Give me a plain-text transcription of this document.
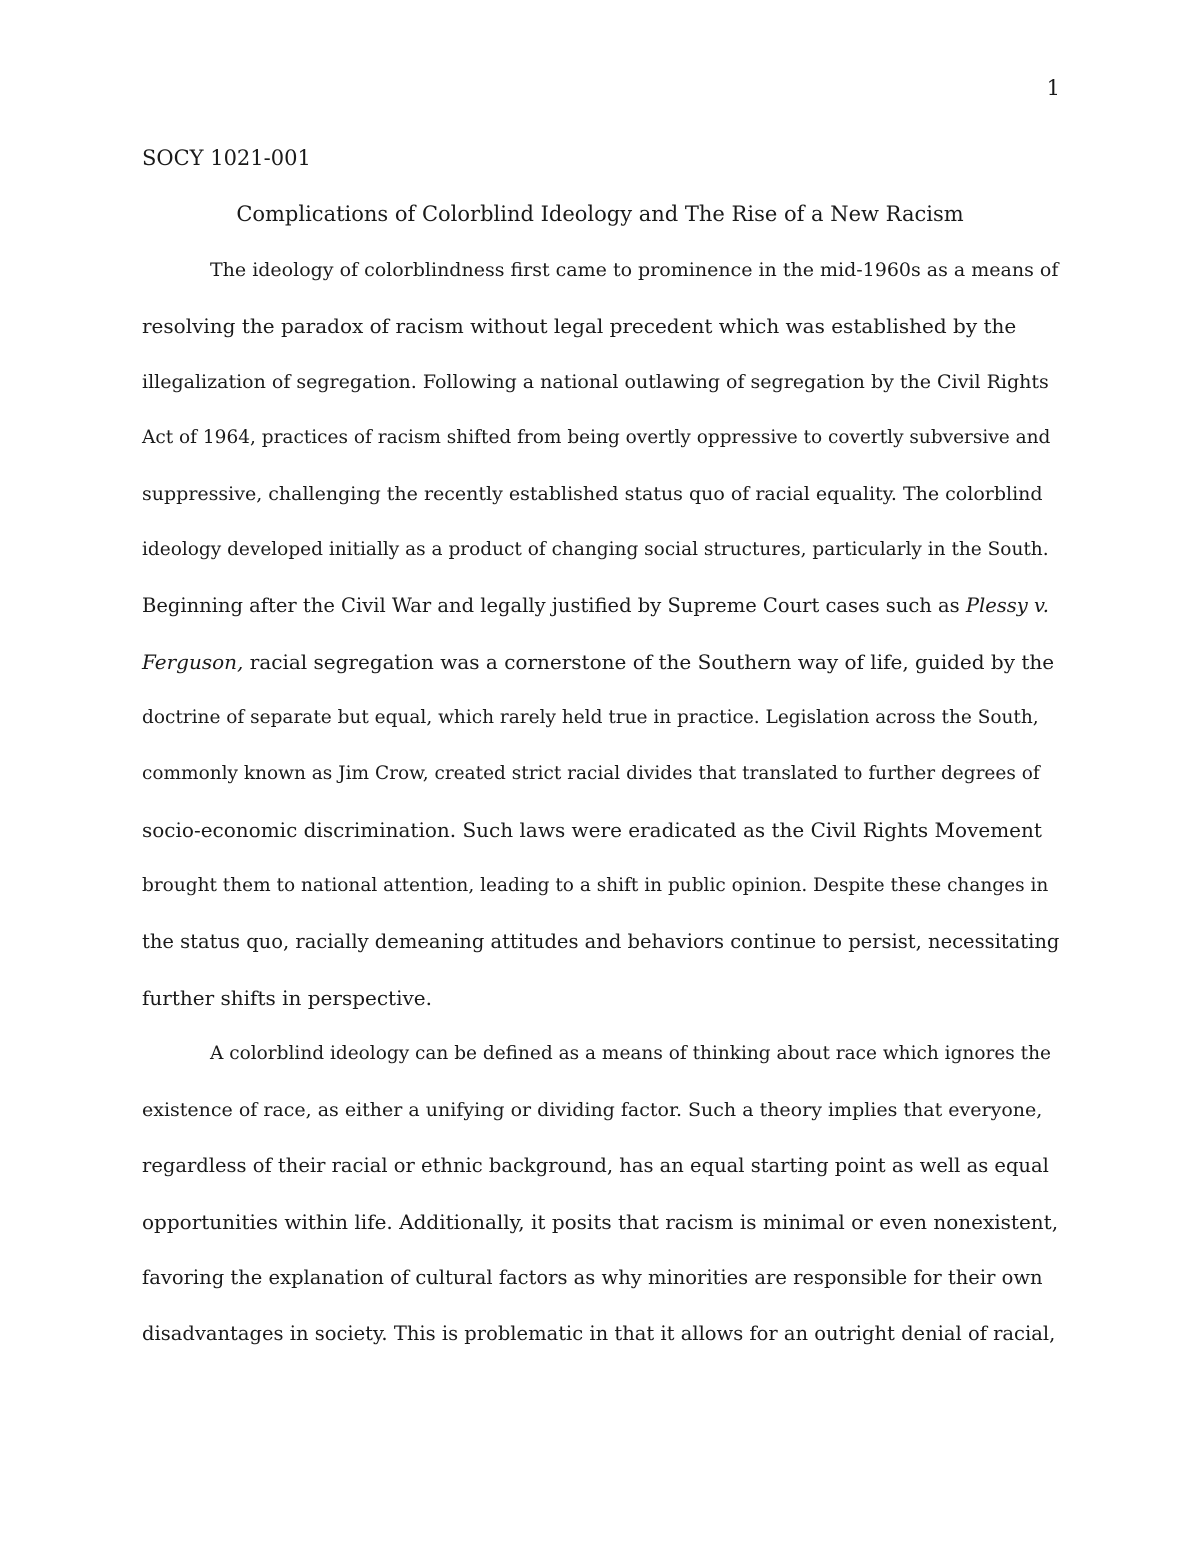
1
SOCY 1021-001
Complications of Colorblind Ideology and The Rise of a New Racism
The ideology of colorblindness first came to prominence in the mid-1960s as a means of
resolving the paradox of racism without legal precedent which was established by the
illegalization of segregation. Following a national outlawing of segregation by the Civil Rights
Act of 1964, practices of racism shifted from being overtly oppressive to covertly subversive and
suppressive, challenging the recently established status quo of racial equality. The colorblind
ideology developed initially as a product of changing social structures, particularly in the South.
Beginning after the Civil War and legally justified by Supreme Court cases such as Plessy v.
Ferguson, racial segregation was a cornerstone of the Southern way of life, guided by the
doctrine of separate but equal, which rarely held true in practice. Legislation across the South,
commonly known as Jim Crow, created strict racial divides that translated to further degrees of
socio-economic discrimination. Such laws were eradicated as the Civil Rights Movement
brought them to national attention, leading to a shift in public opinion. Despite these changes in
the status quo, racially demeaning attitudes and behaviors continue to persist, necessitating
further shifts in perspective.
A colorblind ideology can be defined as a means of thinking about race which ignores the
existence of race, as either a unifying or dividing factor. Such a theory implies that everyone,
regardless of their racial or ethnic background, has an equal starting point as well as equal
opportunities within life. Additionally, it posits that racism is minimal or even nonexistent,
favoring the explanation of cultural factors as why minorities are responsible for their own
disadvantages in society. This is problematic in that it allows for an outright denial of racial,
